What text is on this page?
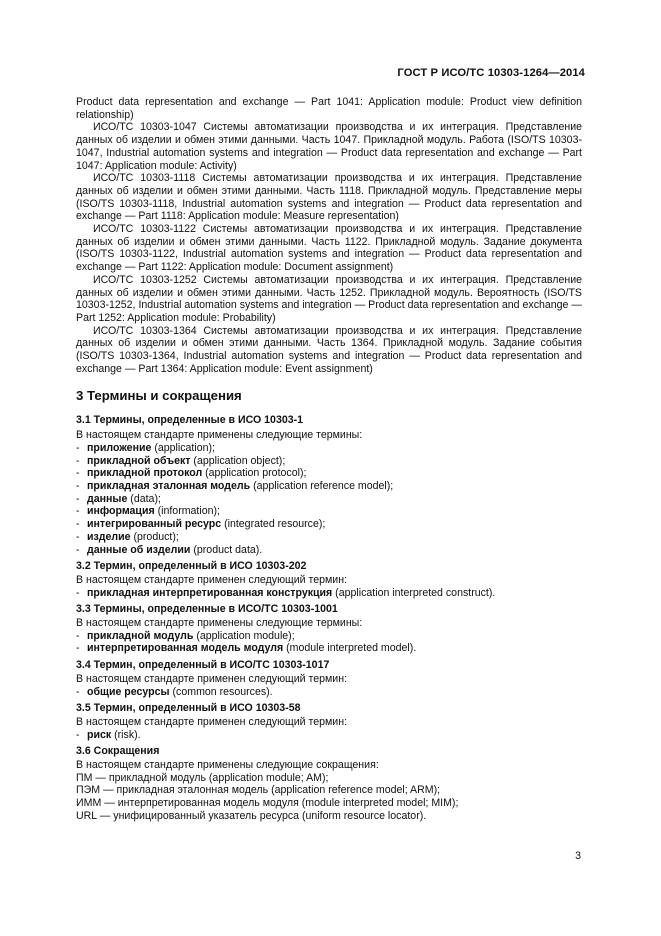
ГОСТ Р ИСО/ТС 10303-1264—2014

Product data representation and exchange — Part 1041: Application module: Product view definition relationship)

ИСО/ТС 10303-1047 Системы автоматизации производства и их интеграция. Представление данных об изделии и обмен этими данными. Часть 1047. Прикладной модуль. Работа (ISO/TS 10303-1047, Industrial automation systems and integration — Product data representation and exchange — Part 1047: Application module: Activity)

ИСО/ТС 10303-1118 Системы автоматизации производства и их интеграция. Представление данных об изделии и обмен этими данными. Часть 1118. Прикладной модуль. Представление меры (ISO/TS 10303-1118, Industrial automation systems and integration — Product data representation and exchange — Part 1118: Application module: Measure representation)

ИСО/ТС 10303-1122 Системы автоматизации производства и их интеграция. Представление данных об изделии и обмен этими данными. Часть 1122. Прикладной модуль. Задание документа (ISO/TS 10303-1122, Industrial automation systems and integration — Product data representation and exchange — Part 1122: Application module: Document assignment)

ИСО/ТС 10303-1252 Системы автоматизации производства и их интеграция. Представление данных об изделии и обмен этими данными. Часть 1252. Прикладной модуль. Вероятность (ISO/TS 10303-1252, Industrial automation systems and integration — Product data representation and exchange — Part 1252: Application module: Probability)

ИСО/ТС 10303-1364 Системы автоматизации производства и их интеграция. Представление данных об изделии и обмен этими данными. Часть 1364. Прикладной модуль. Задание события (ISO/TS 10303-1364, Industrial automation systems and integration — Product data representation and exchange — Part 1364: Application module: Event assignment)

3 Термины и сокращения
3.1 Термины, определенные в ИСО 10303-1

В настоящем стандарте применены следующие термины:

- приложение (application);
- прикладной объект (application object);
- прикладной протокол (application protocol);
- прикладная эталонная модель (application reference model);
- данные (data);
- информация (information);
- интегрированный ресурс (integrated resource);
- изделие (product);
- данные об изделии (product data).
3.2 Термин, определенный в ИСО 10303-202

В настоящем стандарте применен следующий термин:

- прикладная интерпретированная конструкция (application interpreted construct).
3.3 Термины, определенные в ИСО/ТС 10303-1001

В настоящем стандарте применены следующие термины:

- прикладной модуль (application module);
- интерпретированная модель модуля (module interpreted model).
3.4 Термин, определенный в ИСО/ТС 10303-1017

В настоящем стандарте применен следующий термин:

- общие ресурсы (common resources).
3.5 Термин, определенный в ИСО 10303-58

В настоящем стандарте применен следующий термин:

- риск (risk).
3.6 Сокращения

В настоящем стандарте применены следующие сокращения:

ПМ — прикладной модуль (application module; AM);

ПЭМ — прикладная эталонная модель (application reference model; ARM);

ИММ — интерпретированная модель модуля (module interpreted model; MIM);

URL — унифицированный указатель ресурса (uniform resource locator).

3
